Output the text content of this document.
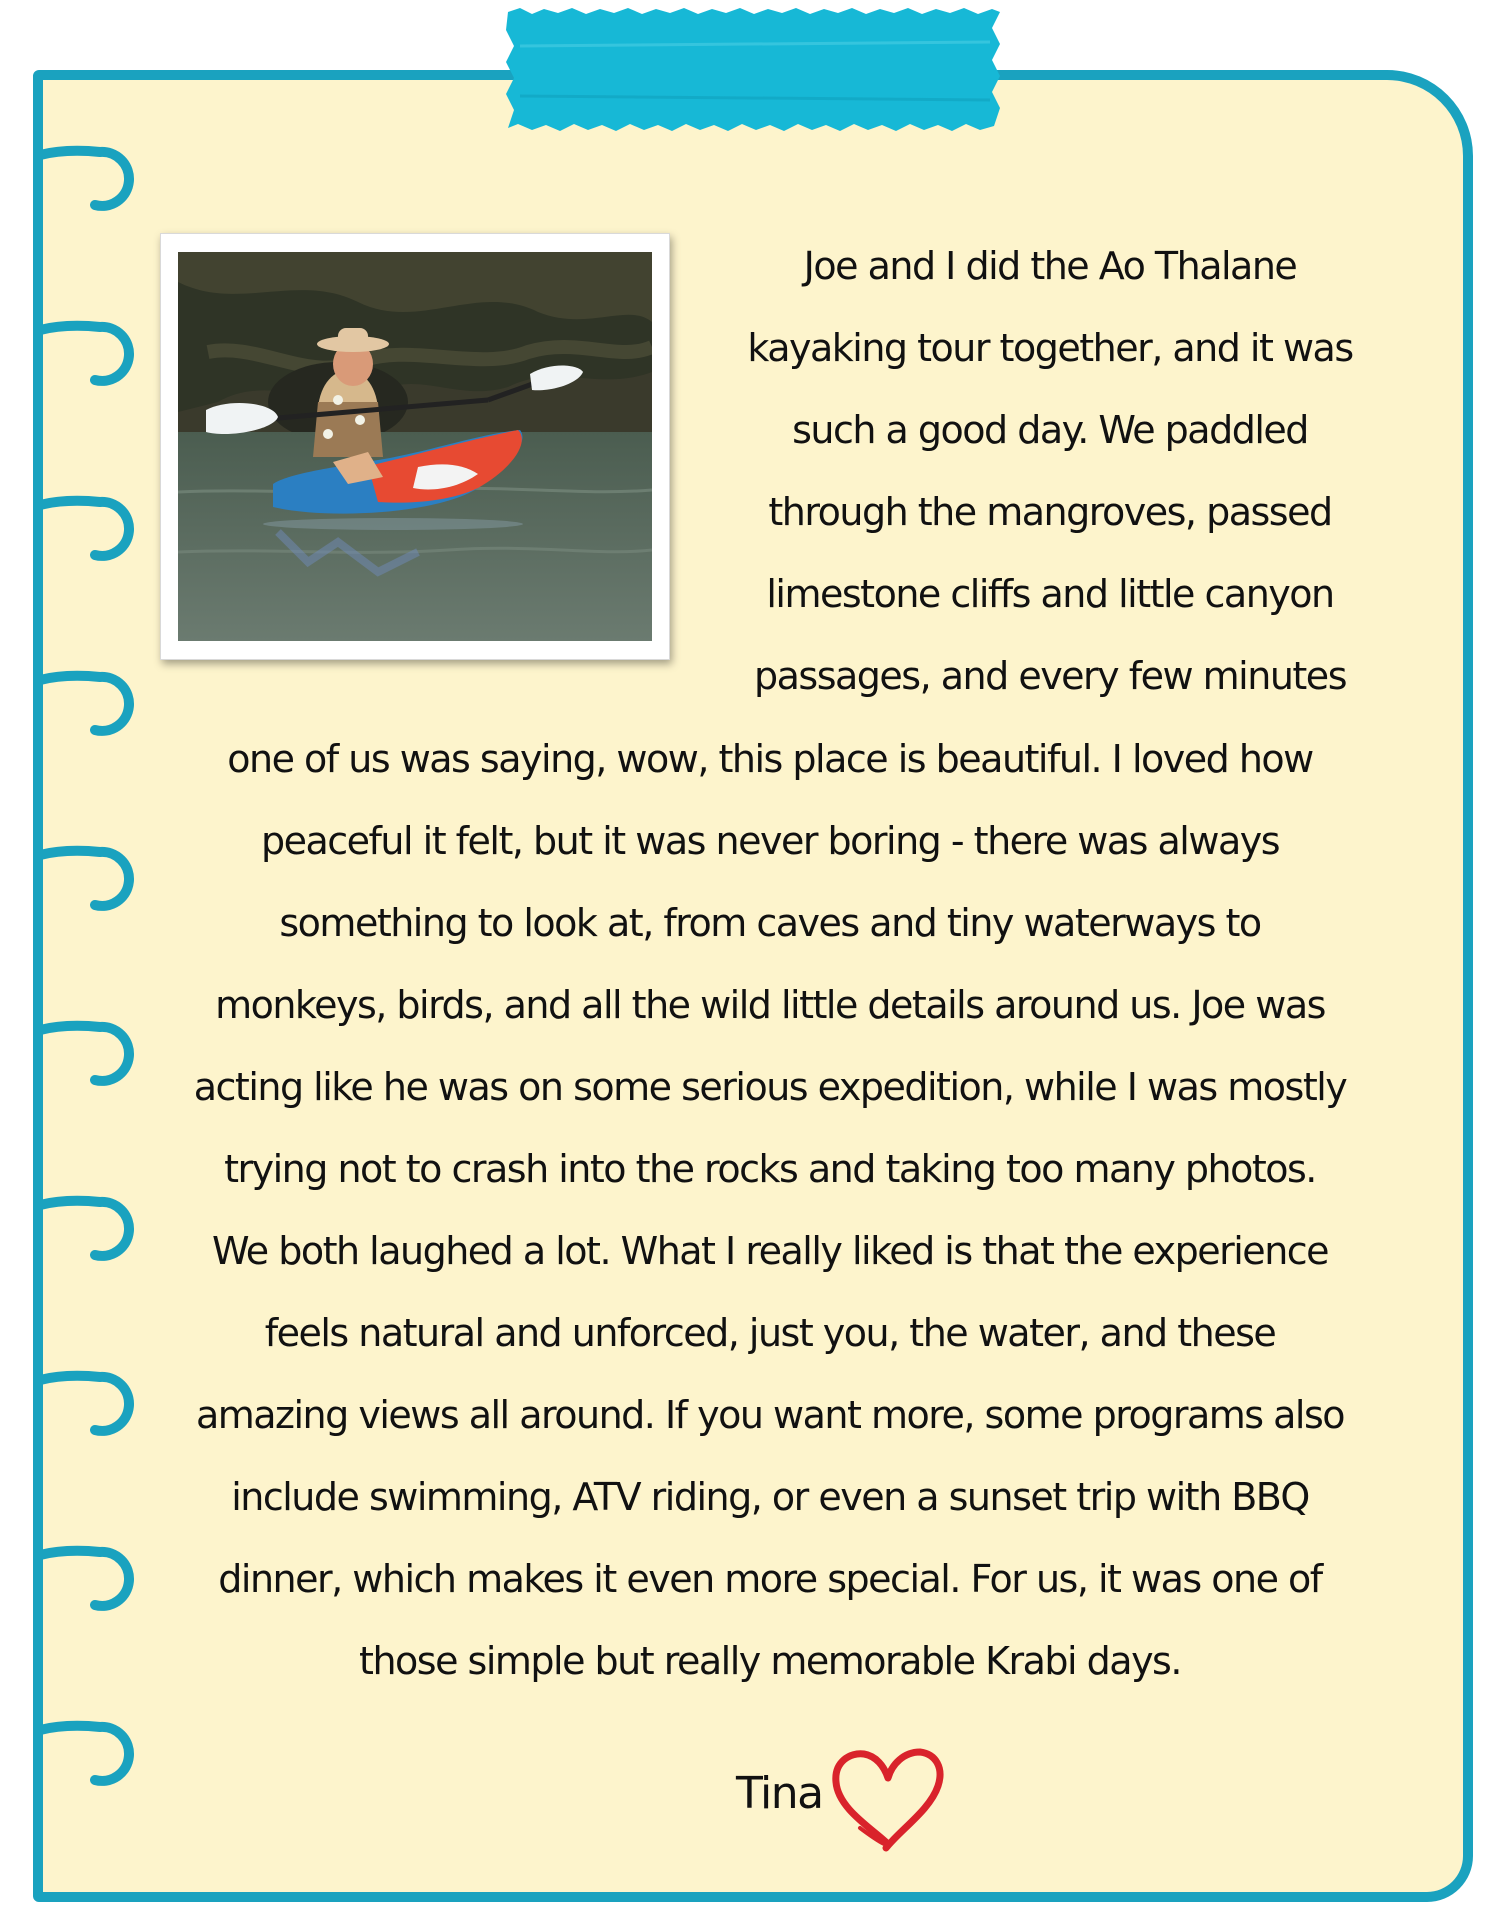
Joe and I did the Ao Thalane
kayaking tour together, and it was
such a good day. We paddled
through the mangroves, passed
limestone cliffs and little canyon
passages, and every few minutes
one of us was saying, wow, this place is beautiful. I loved how
peaceful it felt, but it was never boring - there was always
something to look at, from caves and tiny waterways to
monkeys, birds, and all the wild little details around us. Joe was
acting like he was on some serious expedition, while I was mostly
trying not to crash into the rocks and taking too many photos.
We both laughed a lot. What I really liked is that the experience
feels natural and unforced, just you, the water, and these
amazing views all around. If you want more, some programs also
include swimming, ATV riding, or even a sunset trip with BBQ
dinner, which makes it even more special. For us, it was one of
those simple but really memorable Krabi days.
Tina
